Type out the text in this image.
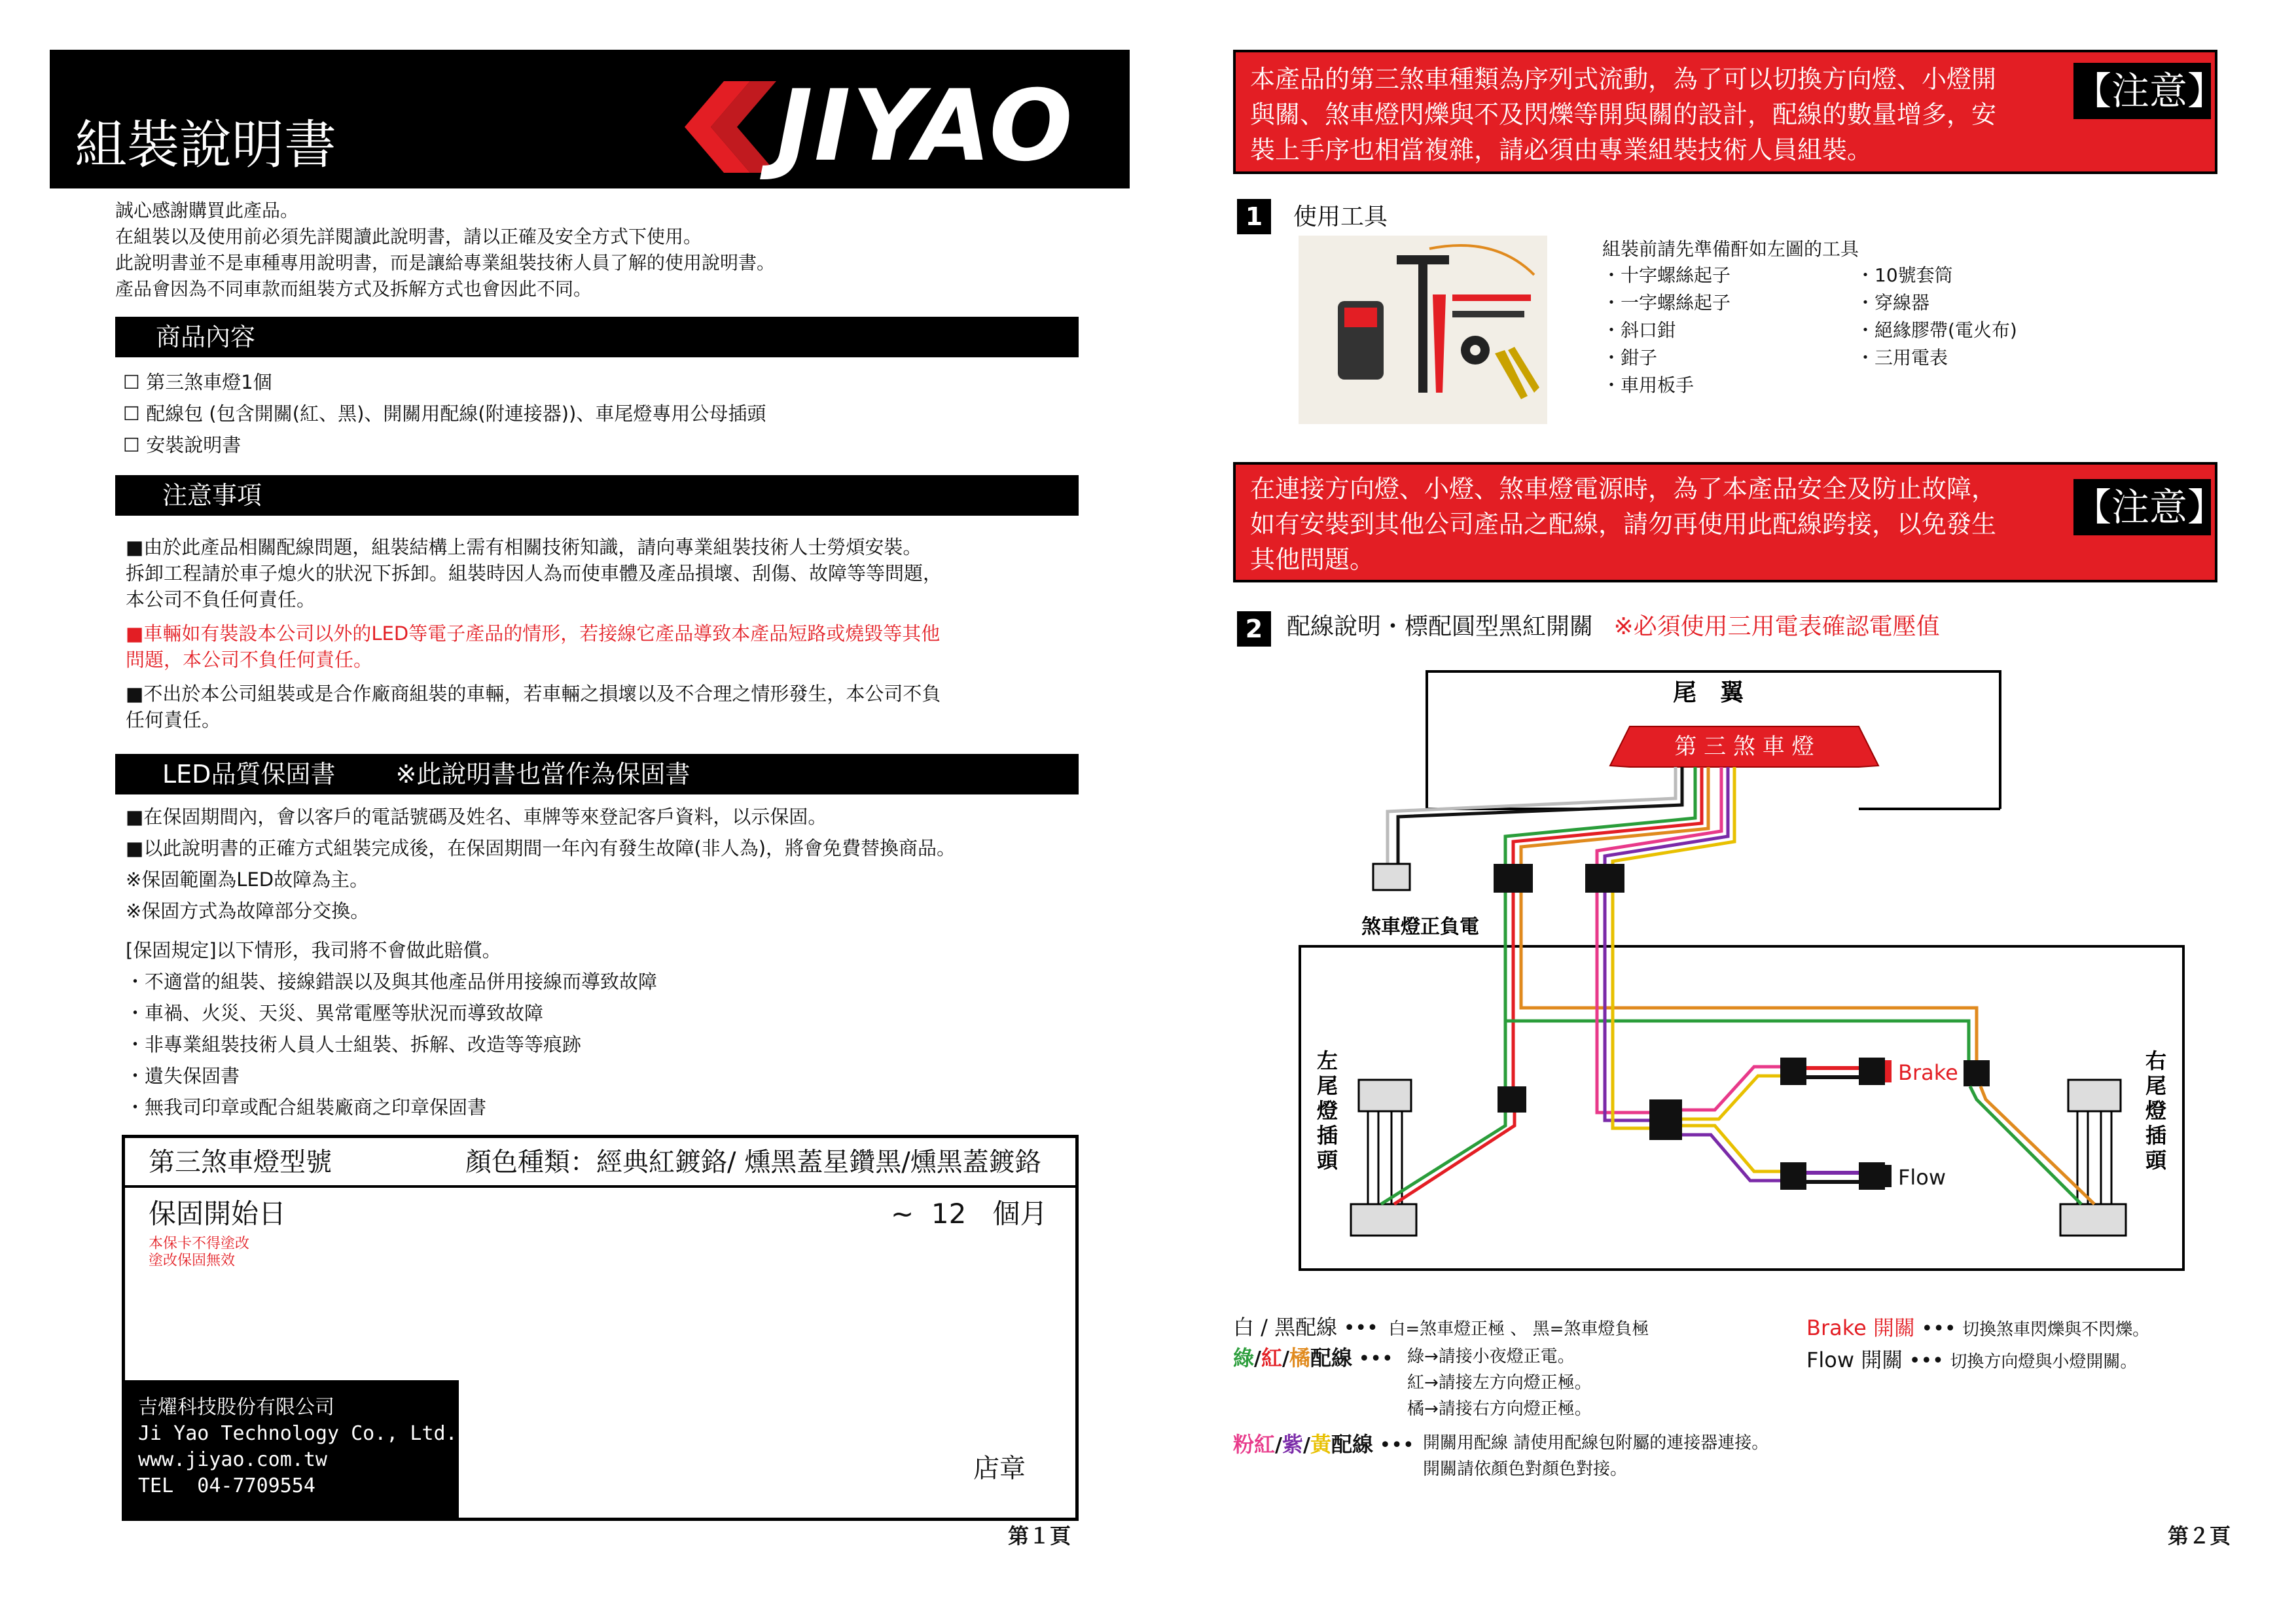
組裝說明書	JIYAO
誠心感謝購買此產品。
在組裝以及使用前必須先詳閱讀此說明書，請以正確及安全方式下使用。
此說明書並不是車種專用說明書，而是讓給專業組裝技術人員了解的使用說明書。
產品會因為不同車款而組裝方式及拆解方式也會因此不同。
商品內容
☐ 第三煞車燈1個
☐ 配線包 (包含開關(紅、黑)、開關用配線(附連接器))、車尾燈專用公母插頭
☐ 安裝說明書
注意事項
■由於此產品相關配線問題，組裝結構上需有相關技術知識，請向專業組裝技術人士勞煩安裝。
拆卸工程請於車子熄火的狀況下拆卸。組裝時因人為而使車體及產品損壞、刮傷、故障等等問題，
本公司不負任何責任。
■車輛如有裝設本公司以外的LED等電子產品的情形，若接線它產品導致本產品短路或燒毀等其他
問題，本公司不負任何責任。
■不出於本公司組裝或是合作廠商組裝的車輛，若車輛之損壞以及不合理之情形發生，本公司不負
任何責任。
LED品質保固書 ※此說明書也當作為保固書
■在保固期間內，會以客戶的電話號碼及姓名、車牌等來登記客戶資料，以示保固。
■以此說明書的正確方式組裝完成後，在保固期間一年內有發生故障(非人為)，將會免費替換商品。
※保固範圍為LED故障為主。
※保固方式為故障部分交換。
[保固規定]以下情形，我司將不會做此賠償。
・不適當的組裝、接線錯誤以及與其他產品併用接線而導致故障
・車禍、火災、天災、異常電壓等狀況而導致故障
・非專業組裝技術人員人士組裝、拆解、改造等等痕跡
・遺失保固書
・無我司印章或配合組裝廠商之印章保固書
第三煞車燈型號	顏色種類：經典紅鍍鉻/ 燻黑蓋星鑽黑/燻黑蓋鍍鉻
保固開始日	~  12   個月
本保卡不得塗改
塗改保固無效
吉燿科技股份有限公司
Ji Yao Technology Co., Ltd.
www.jiyao.com.tw
TEL  04-7709554
店章
第１頁
本產品的第三煞車種類為序列式流動，為了可以切換方向燈、小燈開
與關、煞車燈閃爍與不及閃爍等開與關的設計，配線的數量增多，安
裝上手序也相當複雜，請必須由專業組裝技術人員組裝。
【注意】
1	使用工具
組裝前請先準備酐如左圖的工具
・十字螺絲起子
・一字螺絲起子
・斜口鉗
・鉗子
・車用板手
・10號套筒
・穿線器
・絕緣膠帶(電火布)
・三用電表
在連接方向燈、小燈、煞車燈電源時，為了本產品安全及防止故障，
如有安裝到其他公司產品之配線，請勿再使用此配線跨接，以免發生
其他問題。
【注意】
2	配線說明・標配圓型黑紅開關 ※必須使用三用電表確認電壓值
尾　翼
第 三 煞 車 燈
煞車燈正負電
左
尾
燈
插
頭
右
尾
燈
插
頭
Brake
Flow
白 / 黑配線 ••• 白=煞車燈正極 、 黑=煞車燈負極
綠/紅/橘配線 ••• 綠→請接小夜燈正電。
紅→請接左方向燈正極。
橘→請接右方向燈正極。
粉紅/紫/黃配線 ••• 開關用配線 請使用配線包附屬的連接器連接。
開關請依顏色對顏色對接。
Brake 開關 ••• 切換煞車閃爍與不閃爍。
Flow 開關 ••• 切換方向燈與小燈開關。
第２頁
